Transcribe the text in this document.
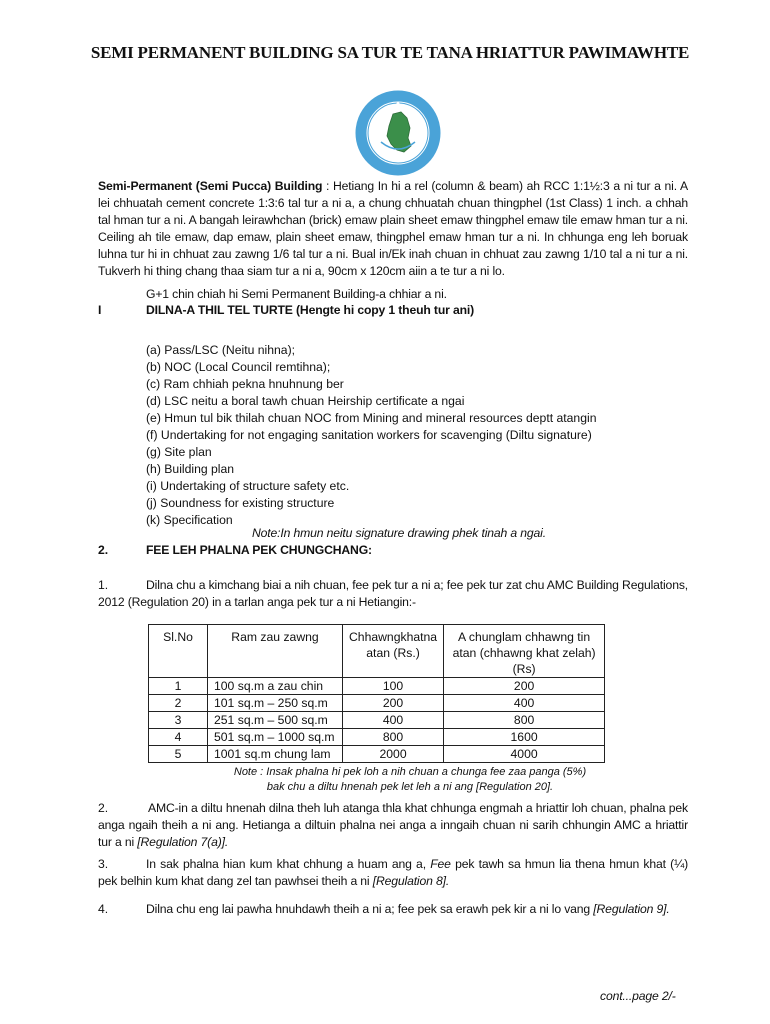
SEMI PERMANENT BUILDING SA TUR TE TANA HRIATTUR PAWIMAWHTE
Semi-Permanent (Semi Pucca) Building : Hetiang In hi a rel (column & beam) ah RCC 1:1½:3 a ni tur a ni. A lei chhuatah cement concrete 1:3:6 tal tur a ni a, a chung chhuatah chuan thingphel (1st Class) 1 inch. a chhah tal hman tur a ni. A bangah leirawhchan (brick) emaw plain sheet emaw thingphel emaw tile emaw hman tur a ni. Ceiling ah tile emaw, dap emaw, plain sheet emaw, thingphel emaw hman tur a ni. In chhunga eng leh boruak luhna tur hi in chhuat zau zawng 1/6 tal tur a ni. Bual in/Ek inah chuan in chhuat zau zawng 1/10 tal a ni tur a ni. Tukverh hi thing chang thaa siam tur a ni a, 90cm x 120cm aiin a te tur a ni lo.
G+1 chin chiah hi Semi Permanent Building-a chhiar a ni.
I	DILNA-A THIL TEL TURTE (Hengte hi copy 1 theuh tur ani)
(a) Pass/LSC (Neitu nihna);
(b) NOC (Local Council remtihna);
(c) Ram chhiah pekna hnuhnung ber
(d) LSC neitu a boral tawh chuan Heirship certificate a ngai
(e) Hmun tul bik thilah chuan NOC from Mining and mineral resources deptt atangin
(f) Undertaking for not engaging sanitation workers for scavenging (Diltu signature)
(g) Site plan
(h) Building plan
(i) Undertaking of structure safety etc.
(j) Soundness for existing structure
(k) Specification
Note:In hmun neitu signature drawing phek tinah a ngai.
2.	FEE LEH PHALNA PEK CHUNGCHANG:
1.	Dilna chu a kimchang biai a nih chuan, fee pek tur a ni a; fee pek tur zat chu AMC Building Regulations, 2012 (Regulation 20) in a tarlan anga pek tur a ni Hetiangin:-
Sl.No	Ram zau zawng	Chhawngkhatna atan (Rs.)	A chunglam chhawng tin atan (chhawng khat zelah) (Rs)
1	100 sq.m a zau chin	100	200
2	101 sq.m – 250 sq.m	200	400
3	251 sq.m – 500 sq.m	400	800
4	501 sq.m – 1000 sq.m	800	1600
5	1001 sq.m chung lam	2000	4000
Note : Insak phalna hi pek loh a nih chuan a chunga fee zaa panga (5%)
bak chu a diltu hnenah pek let leh a ni ang [Regulation 20].
2.	AMC-in a diltu hnenah dilna theh luh atanga thla khat chhunga engmah a hriattir loh chuan, phalna pek anga ngaih theih a ni ang. Hetianga a diltuin phalna nei anga a inngaih chuan ni sarih chhungin AMC a hriattir tur a ni [Regulation 7(a)].
3.	In sak phalna hian kum khat chhung a huam ang a, Fee pek tawh sa hmun lia thena hmun khat (¼) pek belhin kum khat dang zel tan pawhsei theih a ni [Regulation 8].
4.	Dilna chu eng lai pawha hnuhdawh theih a ni a; fee pek sa erawh pek kir a ni lo vang [Regulation 9].
cont...page 2/-
